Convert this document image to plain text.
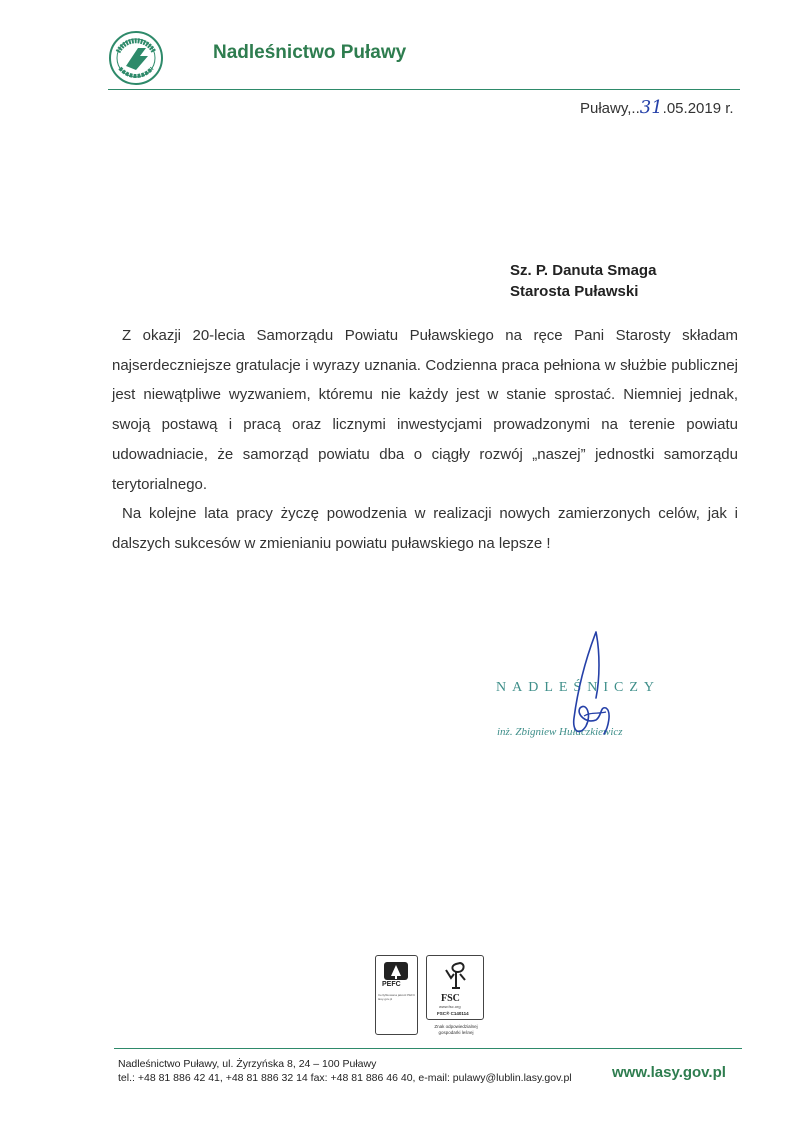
Nadleśnictwo Puławy
Puławy,..31.05.2019 r.
Sz. P. Danuta Smaga
Starosta Puławski

Z okazji 20-lecia Samorządu Powiatu Puławskiego na ręce Pani Starosty składam najserdeczniejsze gratulacje i wyrazy uznania. Codzienna praca pełniona w służbie publicznej jest niewątpliwe wyzwaniem, któremu nie każdy jest w stanie sprostać. Niemniej jednak, swoją postawą i pracą oraz licznymi inwestycjami prowadzonymi na terenie powiatu udowadniacie, że samorząd powiatu dba o ciągły rozwój „naszej” jednostki samorządu terytorialnego.

Na kolejne lata pracy życzę powodzenia w realizacji nowych zamierzonych celów, jak i dalszych sukcesów w zmienianiu powiatu puławskiego na lepsze !

NADLEŚNICZY
inż. Zbigniew Hułaczkiewicz
PEFC
Certyfikowana jakość PEFC lasy-gov.pl	FSC
www.fsc.org
FSC® C140114
Znak odpowiedzialnej gospodarki leśnej
Nadleśnictwo Puławy, ul. Żyrzyńska 8, 24 – 100 Puławy
tel.: +48 81 886 42 41, +48 81 886 32 14 fax: +48 81 886 46 40, e-mail: pulawy@lublin.lasy.gov.pl	www.lasy.gov.pl
